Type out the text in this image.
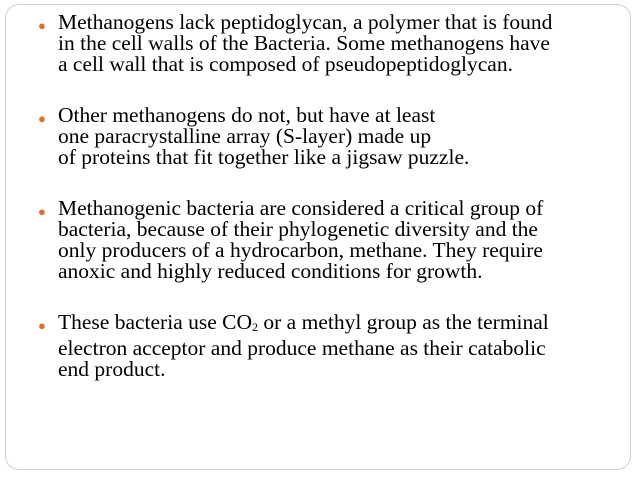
● Methanogens lack peptidoglycan, a polymer that is found
in the cell walls of the Bacteria. Some methanogens have
a cell wall that is composed of pseudopeptidoglycan.
● Other methanogens do not, but have at least
one paracrystalline array (S-layer) made up
of proteins that fit together like a jigsaw puzzle.
● Methanogenic bacteria are considered a critical group of
bacteria, because of their phylogenetic diversity and the
only producers of a hydrocarbon, methane. They require
anoxic and highly reduced conditions for growth.
● These bacteria use CO2 or a methyl group as the terminal
electron acceptor and produce methane as their catabolic
end product.
